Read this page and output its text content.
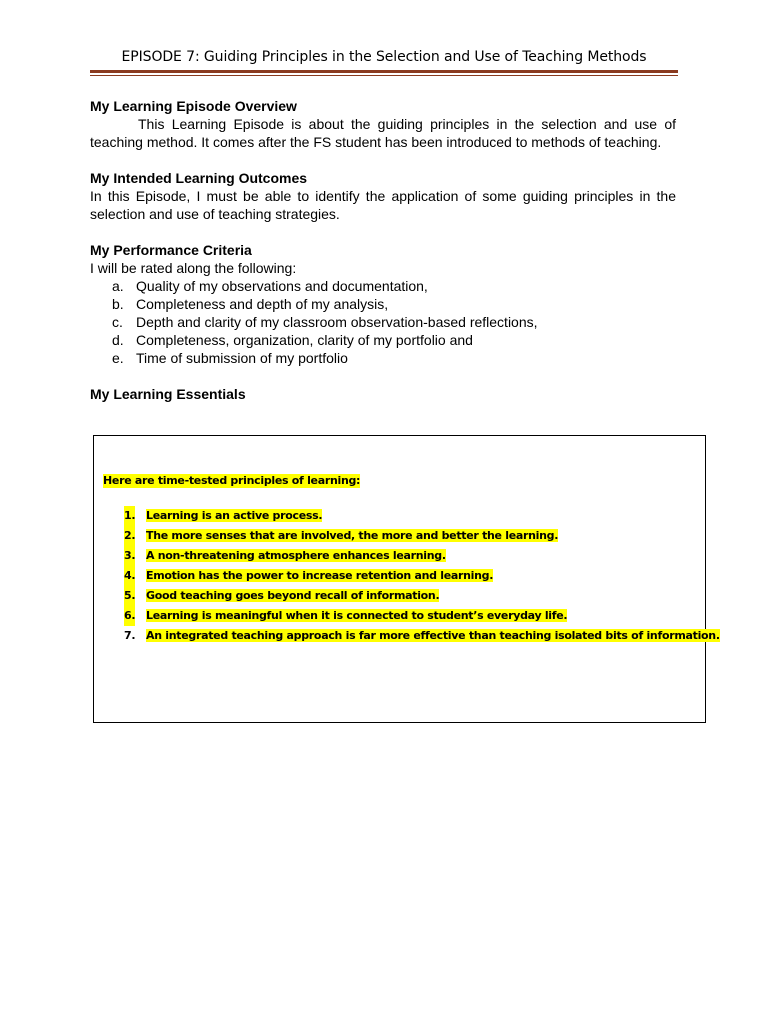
EPISODE 7: Guiding Principles in the Selection and Use of Teaching Methods

My Learning Episode Overview

This Learning Episode is about the guiding principles in the selection and use of teaching method. It comes after the FS student has been introduced to methods of teaching.

My Intended Learning Outcomes

In this Episode, I must be able to identify the application of some guiding principles in the selection and use of teaching strategies.

My Performance Criteria

I will be rated along the following:

a. Quality of my observations and documentation,
b. Completeness and depth of my analysis,
c. Depth and clarity of my classroom observation-based reflections,
d. Completeness, organization, clarity of my portfolio and
e. Time of submission of my portfolio

My Learning Essentials

Here are time-tested principles of learning:
1. Learning is an active process.
2. The more senses that are involved, the more and better the learning.
3. A non-threatening atmosphere enhances learning.
4. Emotion has the power to increase retention and learning.
5. Good teaching goes beyond recall of information.
6. Learning is meaningful when it is connected to student’s everyday life.
7. An integrated teaching approach is far more effective than teaching isolated bits of information.
